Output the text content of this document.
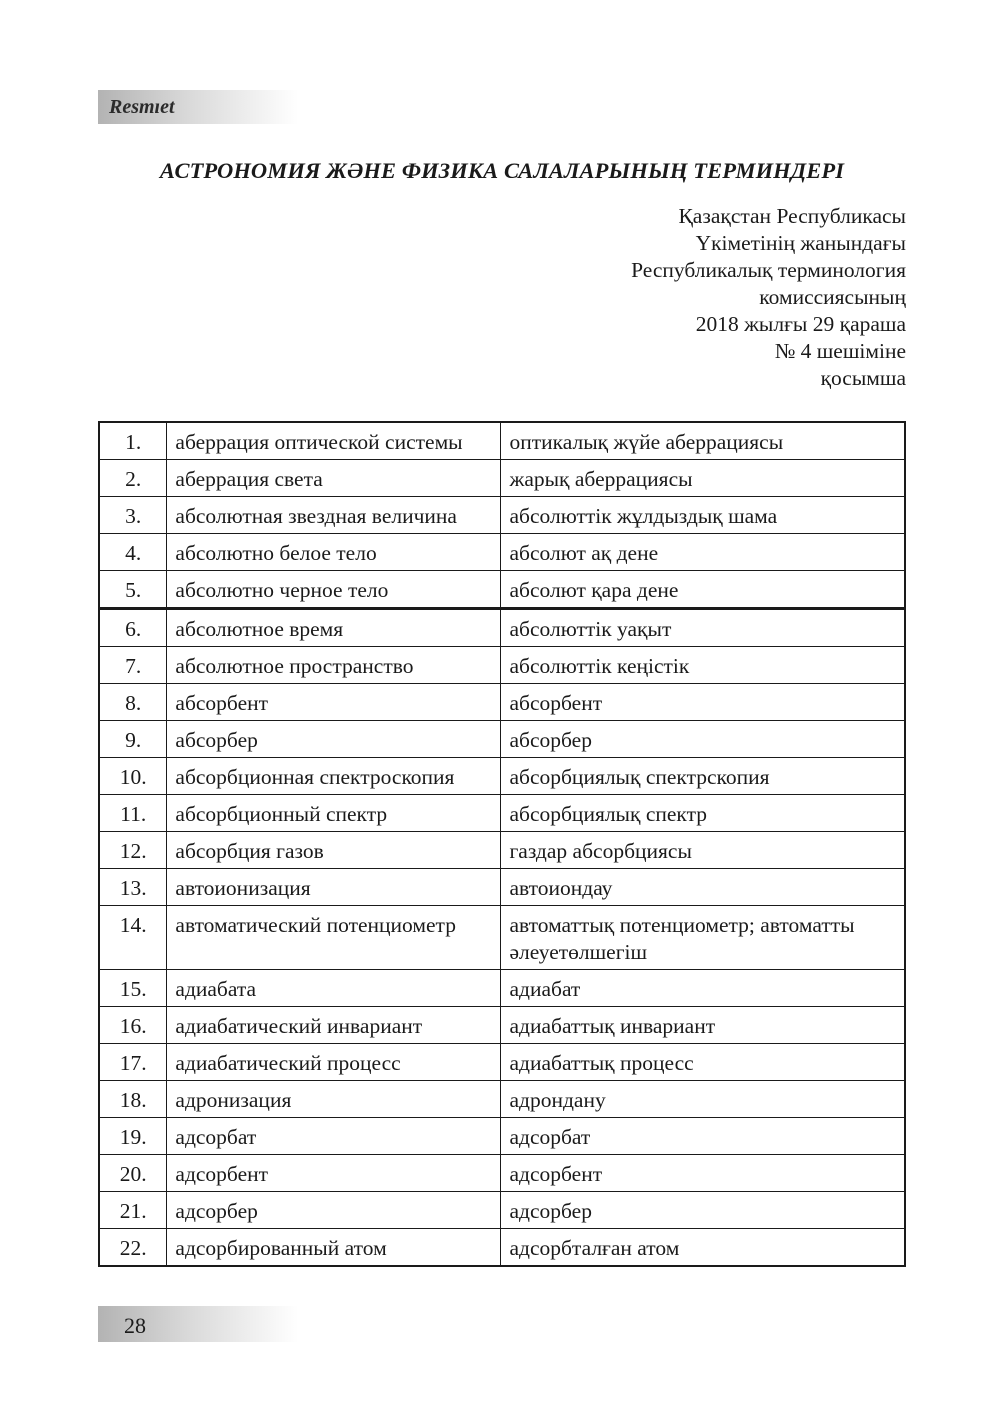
Resmıet
АСТРОНОМИЯ ЖӘНЕ ФИЗИКА САЛАЛАРЫНЫҢ ТЕРМИНДЕРІ
Қазақстан Республикасы
Үкіметінің жанындағы
Республикалық терминология
комиссиясының
2018 жылғы 29 қараша
№ 4 шешіміне
қосымша
1.	аберрация оптической системы	оптикалық жүйе аберрациясы
2.	аберрация света	жарық аберрациясы
3.	абсолютная звездная величина	абсолюттік жұлдыздық шама
4.	абсолютно белое тело	абсолют ақ дене
5.	абсолютно черное тело	абсолют қара дене
6.	абсолютное время	абсолюттік уақыт
7.	абсолютное пространство	абсолюттік кеңістік
8.	абсорбент	абсорбент
9.	абсорбер	абсорбер
10.	абсорбционная спектроскопия	абсорбциялық спектрскопия
11.	абсорбционный спектр	абсорбциялық спектр
12.	абсорбция газов	газдар абсорбциясы
13.	автоионизация	автоиондау
14.	автоматический потенциометр	автоматтық потенциометр; автоматты әлеуетөлшегіш
15.	адиабата	адиабат
16.	адиабатический инвариант	адиабаттық инвариант
17.	адиабатический процесс	адиабаттық процесс
18.	адронизация	адрондану
19.	адсорбат	адсорбат
20.	адсорбент	адсорбент
21.	адсорбер	адсорбер
22.	адсорбированный атом	адсорбталған атом
28
